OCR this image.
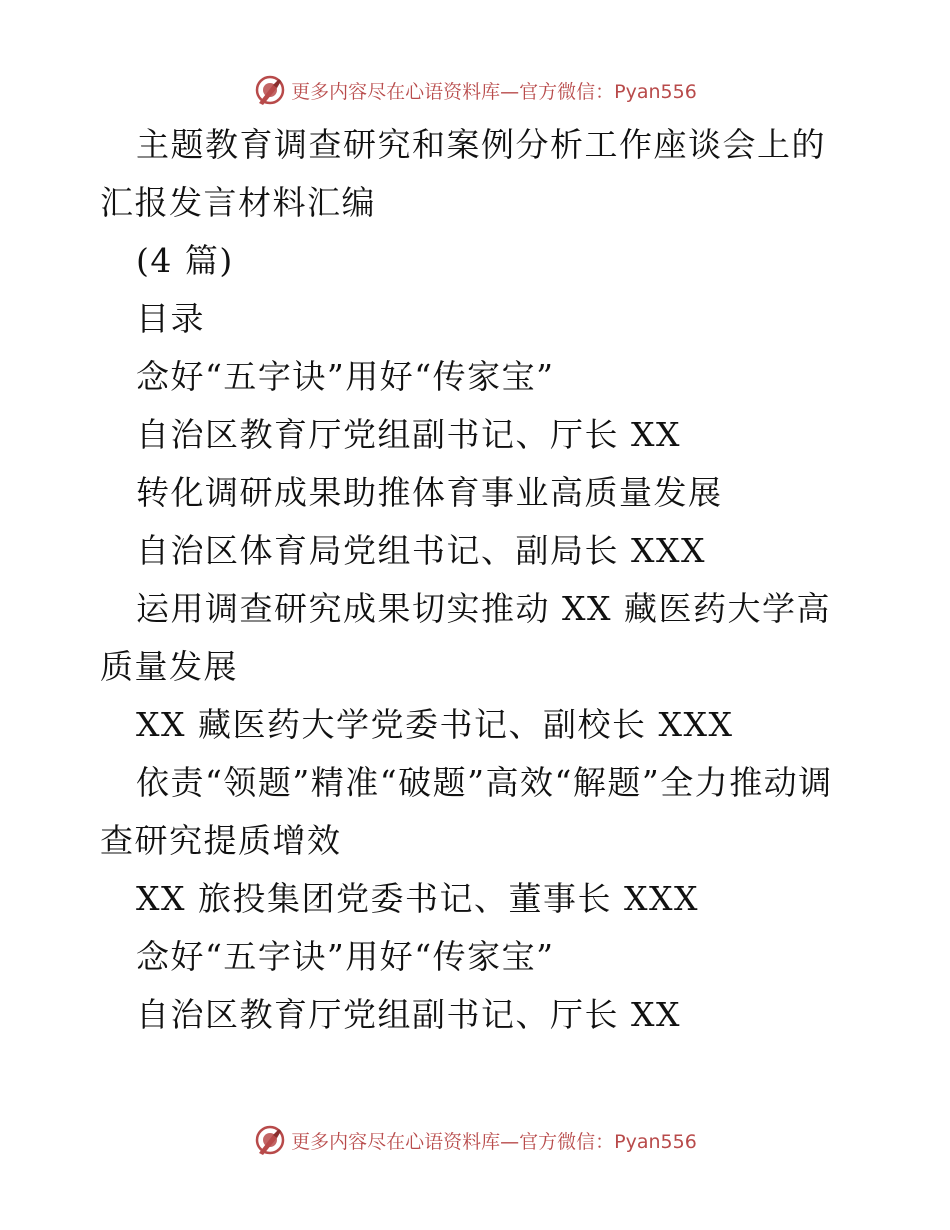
更多内容尽在心语资料库—官方微信：Pyan556

主题教育调查研究和案例分析工作座谈会上的汇报发言材料汇编

(4 篇)

目录

念好“五字诀”用好“传家宝”

自治区教育厅党组副书记、厅长 XX

转化调研成果助推体育事业高质量发展

自治区体育局党组书记、副局长 XXX

运用调查研究成果切实推动 XX 藏医药大学高质量发展

XX 藏医药大学党委书记、副校长 XXX

依责“领题”精准“破题”高效“解题”全力推动调查研究提质增效

XX 旅投集团党委书记、董事长 XXX

念好“五字诀”用好“传家宝”

自治区教育厅党组副书记、厅长 XX

更多内容尽在心语资料库—官方微信：Pyan556
